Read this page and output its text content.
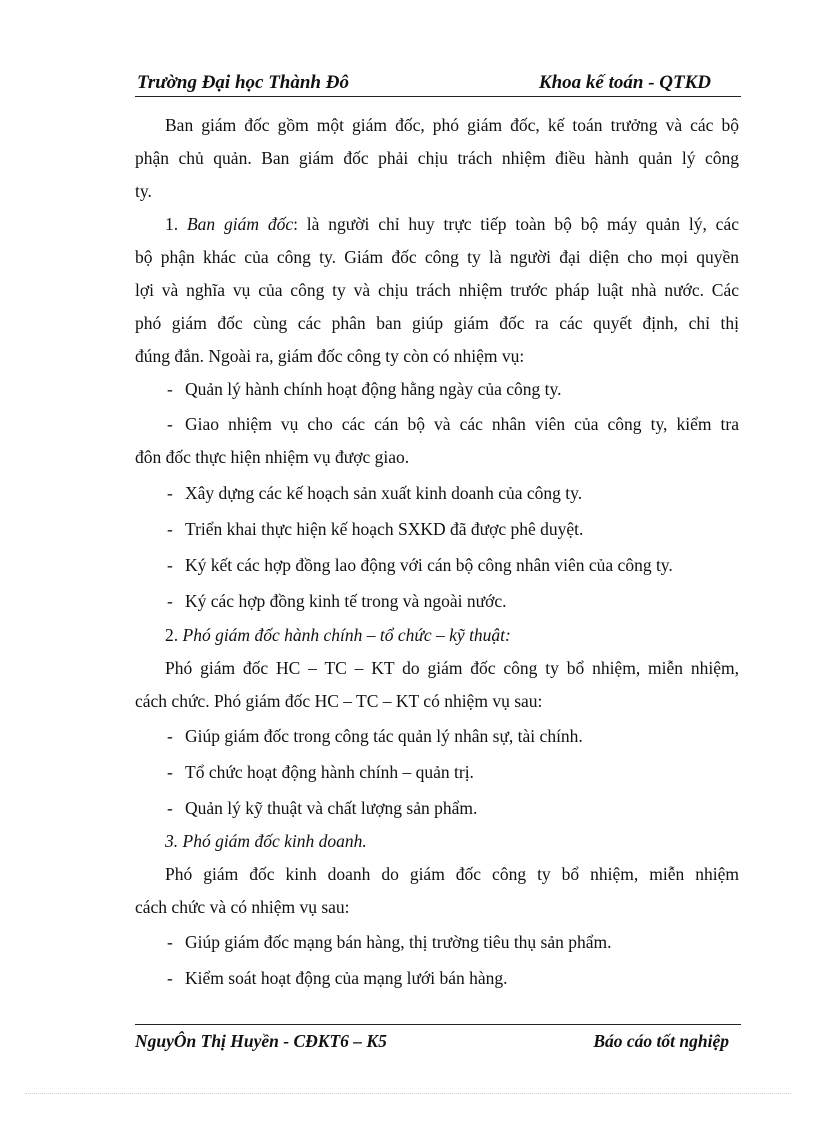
Trường Đại học Thành Đô	Khoa kế toán - QTKD
Ban giám đốc gồm một giám đốc, phó giám đốc, kế toán trưởng và các bộ
phận chủ quản. Ban giám đốc phải chịu trách nhiệm điều hành quản lý công
ty.
1. Ban giám đốc: là người chỉ huy trực tiếp toàn bộ bộ máy quản lý, các
bộ phận khác của công ty. Giám đốc công ty là người đại diện cho mọi quyền
lợi và nghĩa vụ của công ty và chịu trách nhiệm trước pháp luật nhà nước. Các
phó giám đốc cùng các phân ban giúp giám đốc ra các quyết định, chỉ thị
đúng đắn. Ngoài ra, giám đốc công ty còn có nhiệm vụ:
- Quản lý hành chính hoạt động hằng ngày của công ty.
- Giao nhiệm vụ cho các cán bộ và các nhân viên của công ty, kiểm tra
đôn đốc thực hiện nhiệm vụ được giao.
- Xây dựng các kế hoạch sản xuất kinh doanh của công ty.
- Triển khai thực hiện kế hoạch SXKD đã được phê duyệt.
- Ký kết các hợp đồng lao động với cán bộ công nhân viên của công ty.
- Ký các hợp đồng kinh tế trong và ngoài nước.
2. Phó giám đốc hành chính – tổ chức – kỹ thuật:
Phó giám đốc HC – TC – KT do giám đốc công ty bổ nhiệm, miễn nhiệm,
cách chức. Phó giám đốc HC – TC – KT có nhiệm vụ sau:
- Giúp giám đốc trong công tác quản lý nhân sự, tài chính.
- Tổ chức hoạt động hành chính – quản trị.
- Quản lý kỹ thuật và chất lượng sản phẩm.
3. Phó giám đốc kinh doanh.
Phó giám đốc kinh doanh do giám đốc công ty bổ nhiệm, miễn nhiệm
cách chức và có nhiệm vụ sau:
- Giúp giám đốc mạng bán hàng, thị trường tiêu thụ sản phẩm.
- Kiểm soát hoạt động của mạng lưới bán hàng.
NguyÔn Thị Huyền - CĐKT6 – K5	Báo cáo tốt nghiệp
